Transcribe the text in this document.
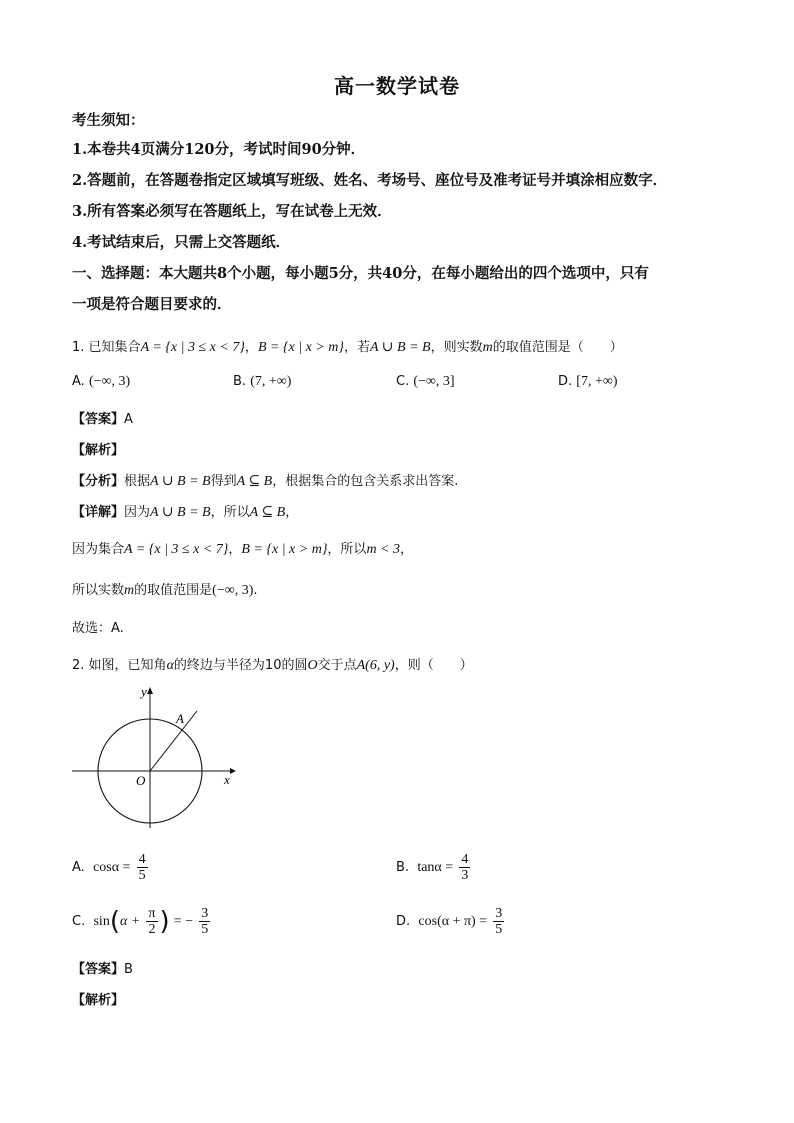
高一数学试卷
考生须知：
1.本卷共4页满分120分，考试时间90分钟．
2.答题前，在答题卷指定区域填写班级、姓名、考场号、座位号及准考证号并填涂相应数字．
3.所有答案必须写在答题纸上，写在试卷上无效．
4.考试结束后，只需上交答题纸．
一、选择题：本大题共8个小题，每小题5分，共40分，在每小题给出的四个选项中，只有
一项是符合题目要求的．
1. 已知集合A = {x | 3 ≤ x < 7}，B = {x | x > m}，若A ∪ B = B，则实数m的取值范围是（　　）
A. (−∞, 3)	B. (7, +∞)	C. (−∞, 3]	D. [7, +∞)
【答案】A
【解析】
【分析】根据A ∪ B = B得到A ⊆ B，根据集合的包含关系求出答案.
【详解】因为A ∪ B = B，所以A ⊆ B，
因为集合A = {x | 3 ≤ x < 7}，B = {x | x > m}，所以m < 3，
所以实数m的取值范围是(−∞, 3).
故选：A.
2. 如图，已知角α的终边与半径为10的圆O交于点A(6, y)，则（　　）
y
x
O
A
A. $\cos\alpha = \frac{4}{5}$	B. $\tan\alpha = \frac{4}{3}$
C. $\sin(\alpha + \frac{\pi}{2}$ ) = − $\frac{3}{5}$	D. $\cos(\alpha + \pi) = \frac{3}{5}$
【答案】B
【解析】
